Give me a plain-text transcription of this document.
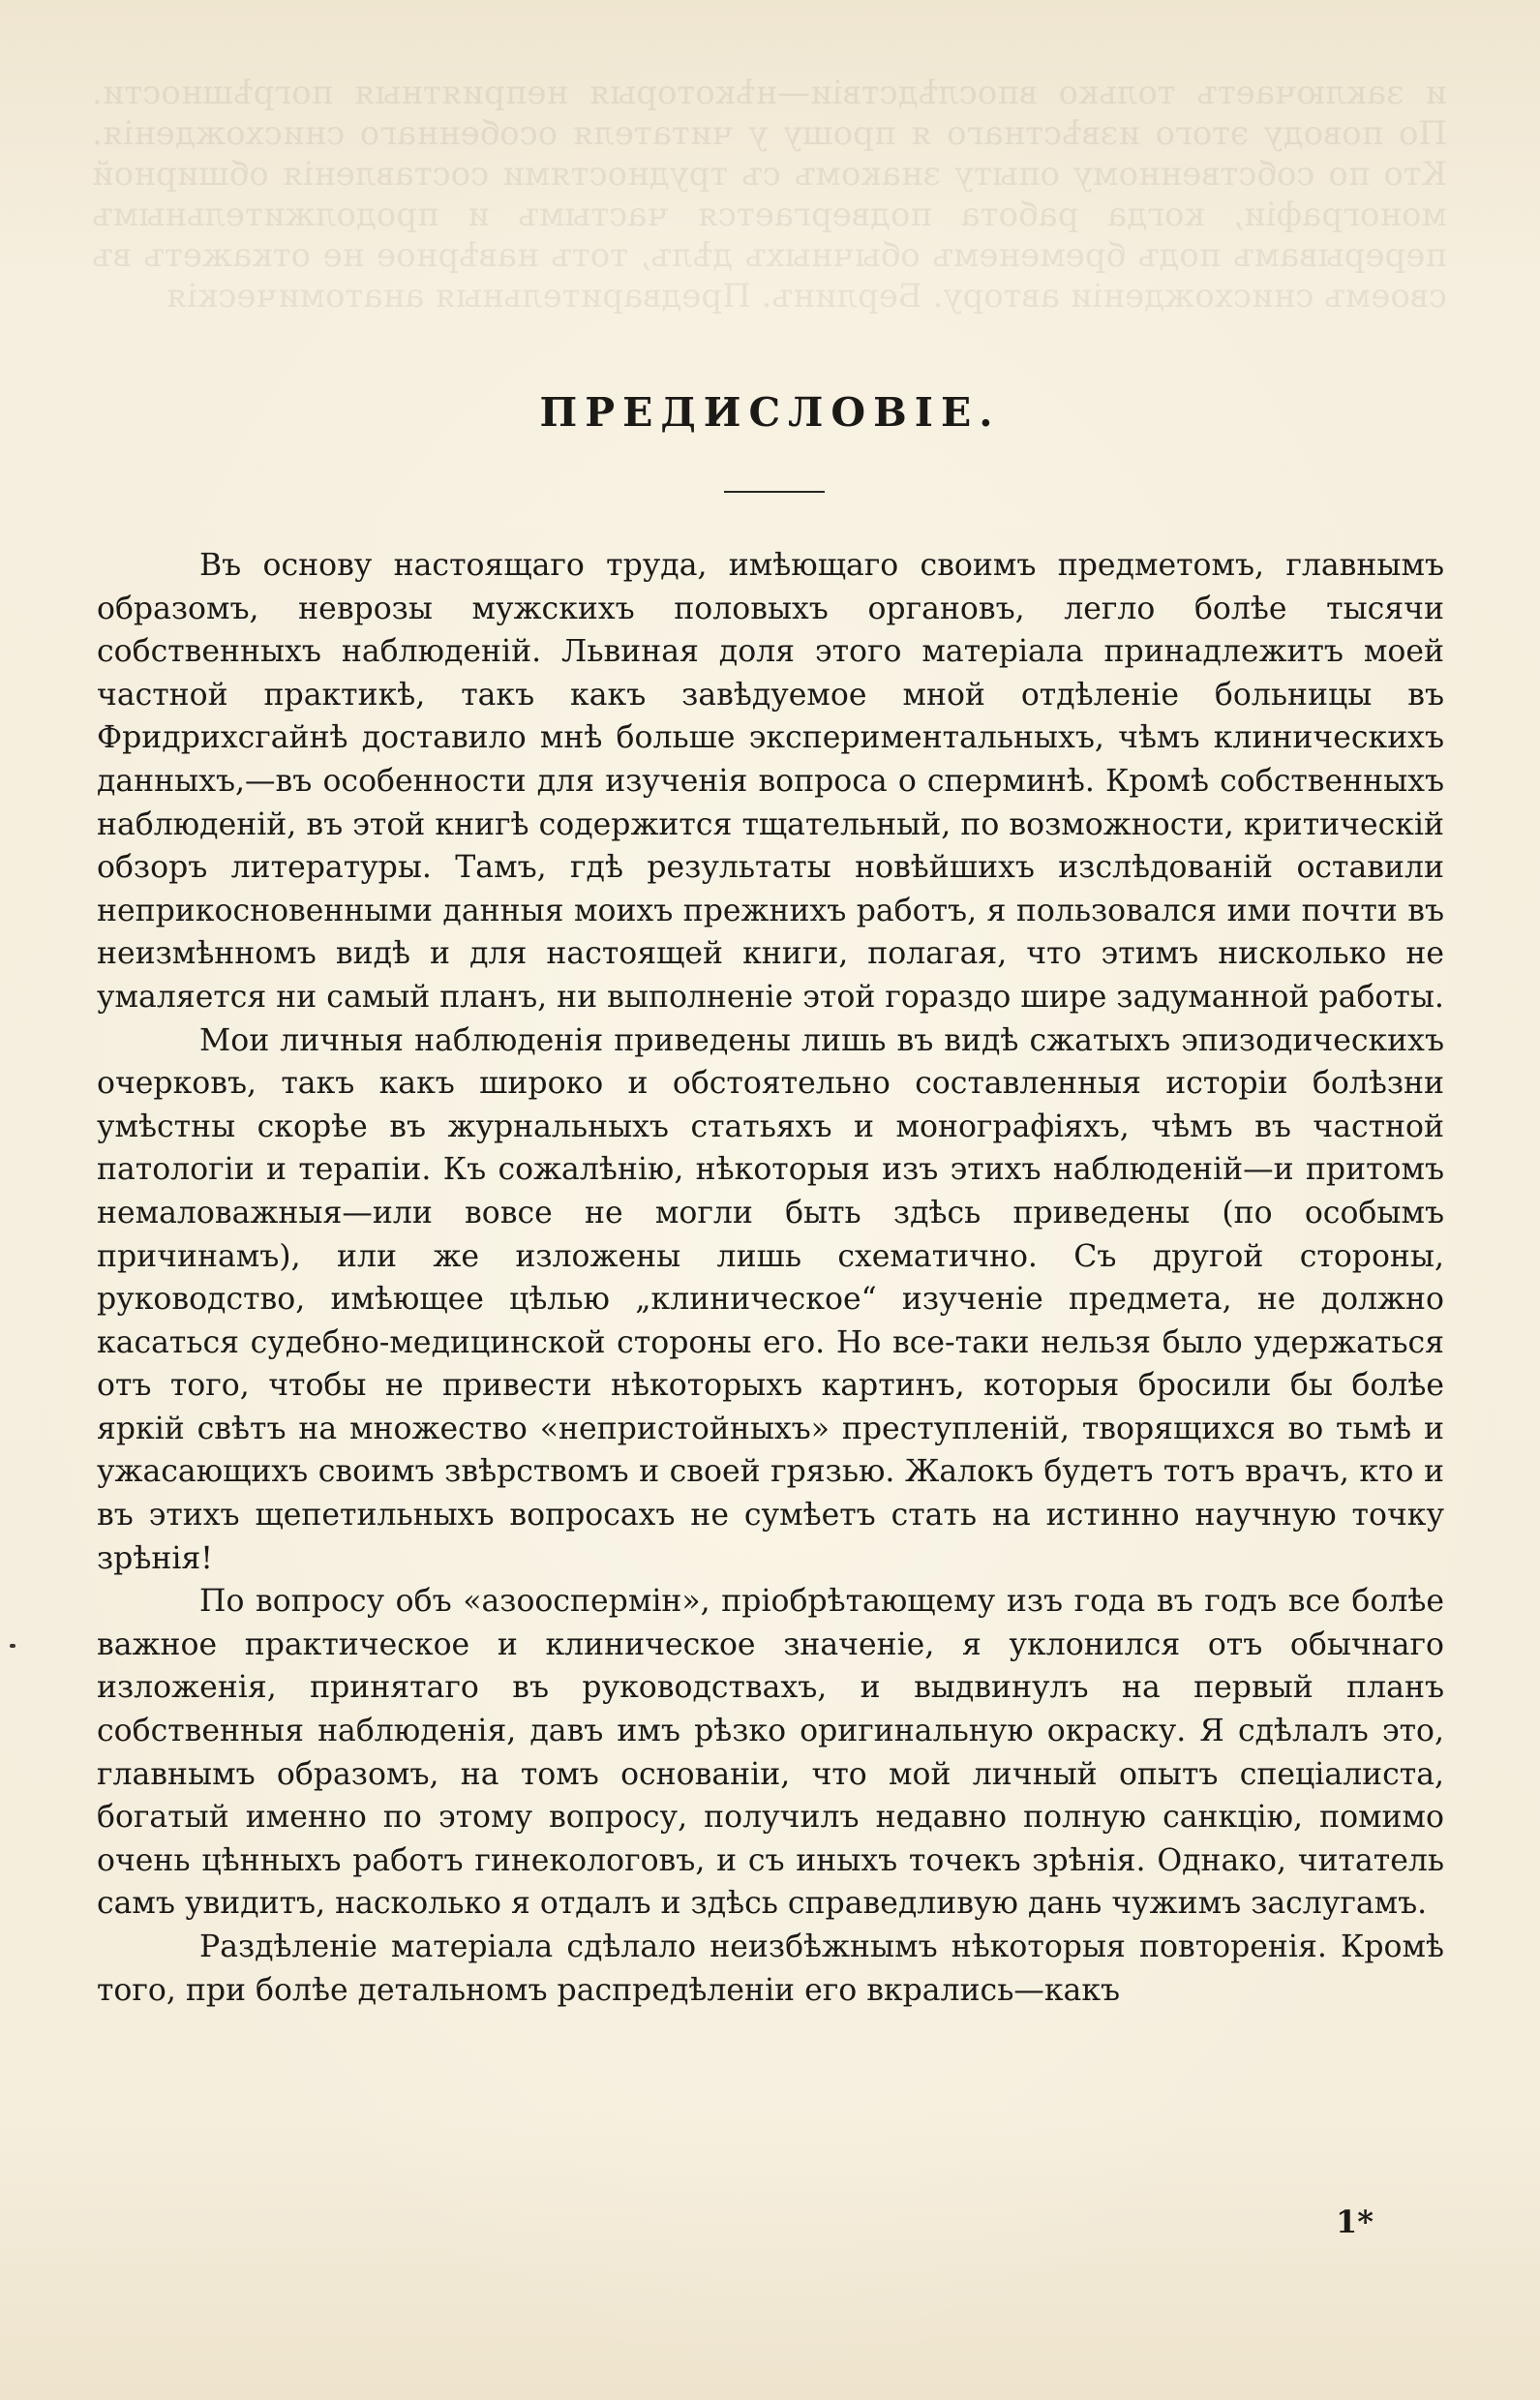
и заключаетъ только впослѣдствіи—нѣкоторыя неприятныя погрѣшности. По поводу этого извѣстнаго я прошу у читателя особеннаго снисхожденія. Кто по собственному опыту знакомъ съ трудностями составленія обширной монографіи, когда работа подвергается частымъ и продолжительнымъ перерывамъ подъ бременемъ обычныхъ дѣлъ, тотъ навѣрное не откажетъ въ своемъ снисхожденіи автору. Берлинъ. Предварительныя анатомическія
ПРЕДИСЛОВІЕ.

Въ основу настоящаго труда, имѣющаго своимъ предметомъ, главнымъ образомъ, неврозы мужскихъ половыхъ органовъ, легло болѣе тысячи собственныхъ наблюденій. Львиная доля этого матеріала принадлежитъ моей частной практикѣ, такъ какъ завѣдуемое мной отдѣленіе больницы въ Фридрихсгайнѣ доставило мнѣ больше экспериментальныхъ, чѣмъ клиническихъ данныхъ,—въ особенности для изученія вопроса о сперминѣ. Кромѣ собственныхъ наблюденій, въ этой книгѣ содержится тщательный, по возможности, критическій обзоръ литературы. Тамъ, гдѣ результаты новѣйшихъ изслѣдованій оставили неприкосновенными данныя моихъ прежнихъ работъ, я пользовался ими почти въ неизмѣнномъ видѣ и для настоящей книги, полагая, что этимъ нисколько не умаляется ни самый планъ, ни выполненіе этой гораздо шире задуманной работы.

Мои личныя наблюденія приведены лишь въ видѣ сжатыхъ эпизодическихъ очерковъ, такъ какъ широко и обстоятельно составленныя исторіи болѣзни умѣстны скорѣе въ журнальныхъ статьяхъ и монографіяхъ, чѣмъ въ частной патологіи и терапіи. Къ сожалѣнію, нѣкоторыя изъ этихъ наблюденій—и притомъ немаловажныя—или вовсе не могли быть здѣсь приведены (по особымъ причинамъ), или же изложены лишь схематично. Съ другой стороны, руководство, имѣющее цѣлью „клиническое“ изученіе предмета, не должно касаться судебно-медицинской стороны его. Но все-таки нельзя было удержаться отъ того, чтобы не привести нѣкоторыхъ картинъ, которыя бросили бы болѣе яркій свѣтъ на множество «непристойныхъ» преступленій, творящихся во тьмѣ и ужасающихъ своимъ звѣрствомъ и своей грязью. Жалокъ будетъ тотъ врачъ, кто и въ этихъ щепетильныхъ вопросахъ не сумѣетъ стать на истинно научную точку зрѣнія!

По вопросу объ «азооспермін», пріобрѣтающему изъ года въ годъ все болѣе важное практическое и клиническое значеніе, я уклонился отъ обычнаго изложенія, принятаго въ руководствахъ, и выдвинулъ на первый планъ собственныя наблюденія, давъ имъ рѣзко оригинальную окраску. Я сдѣлалъ это, главнымъ образомъ, на томъ основаніи, что мой личный опытъ спеціалиста, богатый именно по этому вопросу, получилъ недавно полную санкцію, помимо очень цѣнныхъ работъ гинекологовъ, и съ иныхъ точекъ зрѣнія. Однако, читатель самъ увидитъ, насколько я отдалъ и здѣсь справедливую дань чужимъ заслугамъ.

Раздѣленіе матеріала сдѣлало неизбѣжнымъ нѣкоторыя повторенія. Кромѣ того, при болѣе детальномъ распредѣленіи его вкрались—какъ

1*
